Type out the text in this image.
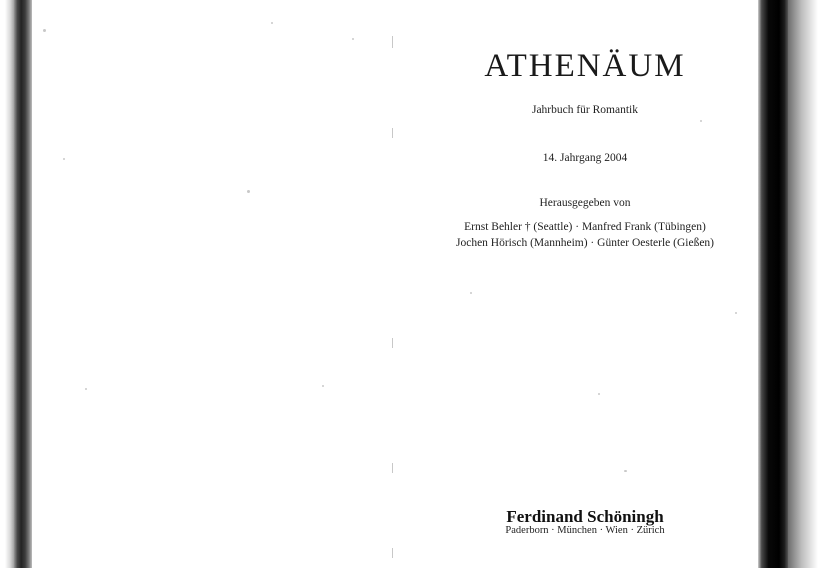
ATHENÄUM
Jahrbuch für Romantik
14. Jahrgang 2004
Herausgegeben von
Ernst Behler † (Seattle) · Manfred Frank (Tübingen)
Jochen Hörisch (Mannheim) · Günter Oesterle (Gießen)
Ferdinand Schöningh
Paderborn · München · Wien · Zürich
